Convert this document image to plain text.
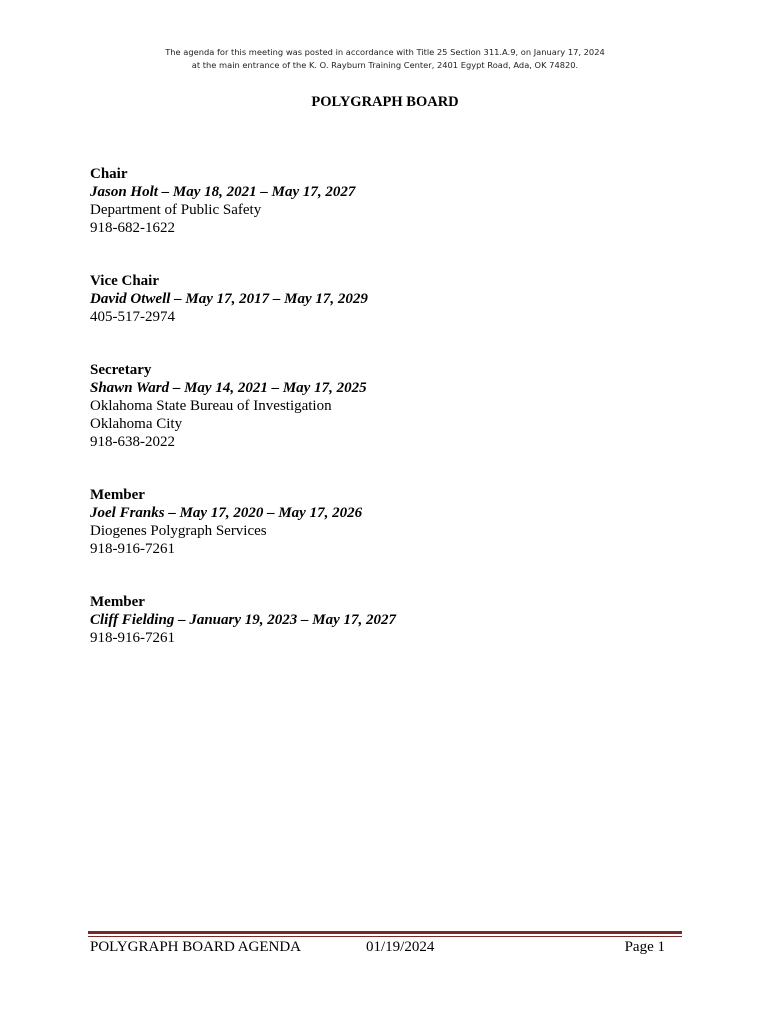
The agenda for this meeting was posted in accordance with Title 25 Section 311.A.9, on January 17, 2024
at the main entrance of the K. O. Rayburn Training Center, 2401 Egypt Road, Ada, OK 74820.
POLYGRAPH BOARD
Chair
Jason Holt – May 18, 2021 – May 17, 2027
Department of Public Safety
918-682-1622
Vice Chair
David Otwell – May 17, 2017 – May 17, 2029
405-517-2974
Secretary
Shawn Ward – May 14, 2021 – May 17, 2025
Oklahoma State Bureau of Investigation
Oklahoma City
918-638-2022
Member
Joel Franks – May 17, 2020 – May 17, 2026
Diogenes Polygraph Services
918-916-7261
Member
Cliff Fielding – January 19, 2023 – May 17, 2027
918-916-7261
POLYGRAPH BOARD AGENDA	01/19/2024	Page 1
